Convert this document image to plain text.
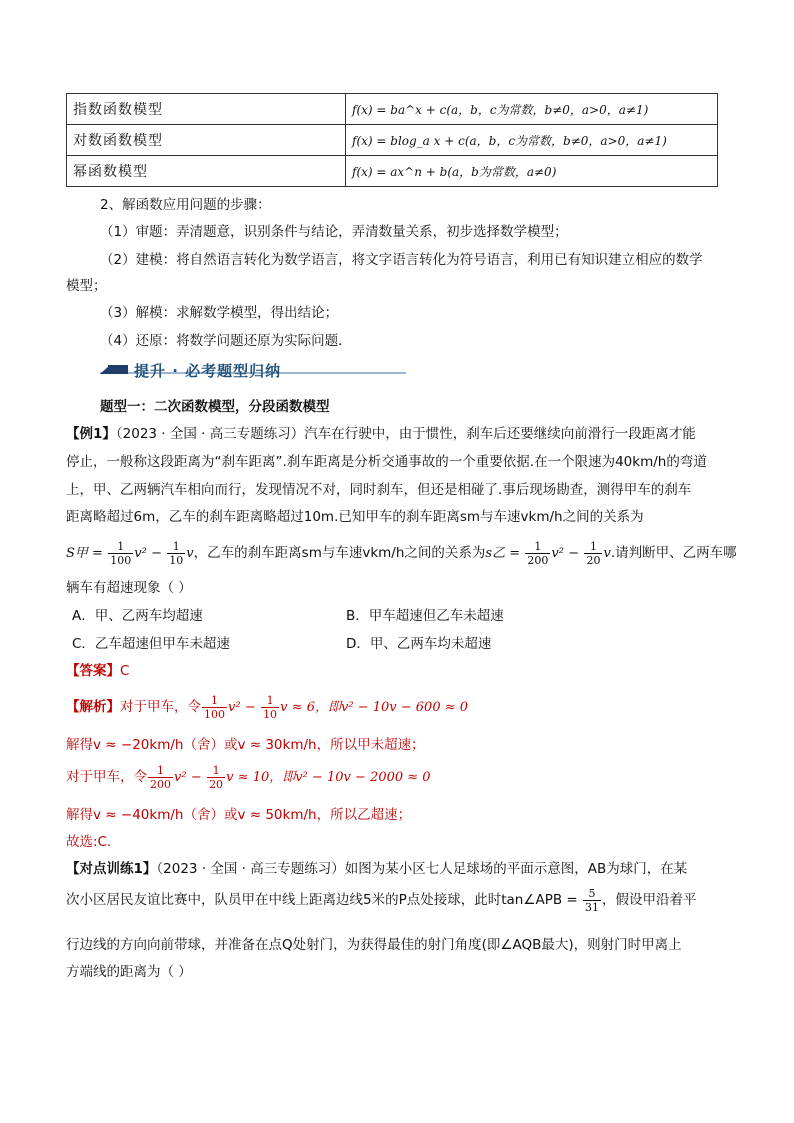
指数函数模型	f(x) = ba^x + c(a，b，c为常数，b≠0，a>0，a≠1)
对数函数模型	f(x) = blog_a x + c(a，b，c为常数，b≠0，a>0，a≠1)
幂函数模型	f(x) = ax^n + b(a，b为常数，a≠0)
2、解函数应用问题的步骤：
（1）审题：弄清题意，识别条件与结论，弄清数量关系，初步选择数学模型；
（2）建模：将自然语言转化为数学语言，将文字语言转化为符号语言，利用已有知识建立相应的数学
模型；
（3）解模：求解数学模型，得出结论；
（4）还原：将数学问题还原为实际问题．
提升 · 必考题型归纳
题型一：二次函数模型，分段函数模型
【例1】（2023 · 全国 · 高三专题练习）汽车在行驶中，由于惯性，刹车后还要继续向前滑行一段距离才能
停止，一般称这段距离为“刹车距离”.刹车距离是分析交通事故的一个重要依据.在一个限速为40km/h的弯道
上，甲、乙两辆汽车相向而行，发现情况不对，同时刹车，但还是相碰了.事后现场勘查，测得甲车的刹车
距离略超过6m，乙车的刹车距离略超过10m.已知甲车的刹车距离sm与车速vkm/h之间的关系为
S甲 = $\frac{1}{100} v^2 - \frac{1}{10}$ v，乙车的刹车距离sm与车速vkm/h之间的关系为s乙 = $\frac{1}{200} v^2 - \frac{1}{20} v$.请判断甲、乙两车哪
辆车有超速现象（ ）
A．甲、乙两车均超速	B．甲车超速但乙车未超速
C．乙车超速但甲车未超速	D．甲、乙两车均未超速
【答案】C
【解析】对于甲车，令 $\frac{1}{100} v^2 - \frac{1}{10}$ v ≈ 6，即v² − 10v − 600 ≈ 0
解得v ≈ −20km/h（舍）或v ≈ 30km/h，所以甲未超速；
对于甲车，令 $\frac{1}{200} v^2 - \frac{1}{20}$ v ≈ 10，即v² − 10v − 2000 ≈ 0
解得v ≈ −40km/h（舍）或v ≈ 50km/h，所以乙超速；
故选:C.
【对点训练1】（2023 · 全国 · 高三专题练习）如图为某小区七人足球场的平面示意图，AB为球门，在某
次小区居民友谊比赛中，队员甲在中线上距离边线5米的P点处接球，此时tan∠APB = $\frac{5}{31}$ ，假设甲沿着平
行边线的方向向前带球，并准备在点Q处射门，为获得最佳的射门角度(即∠AQB最大)，则射门时甲离上
方端线的距离为（ ）
